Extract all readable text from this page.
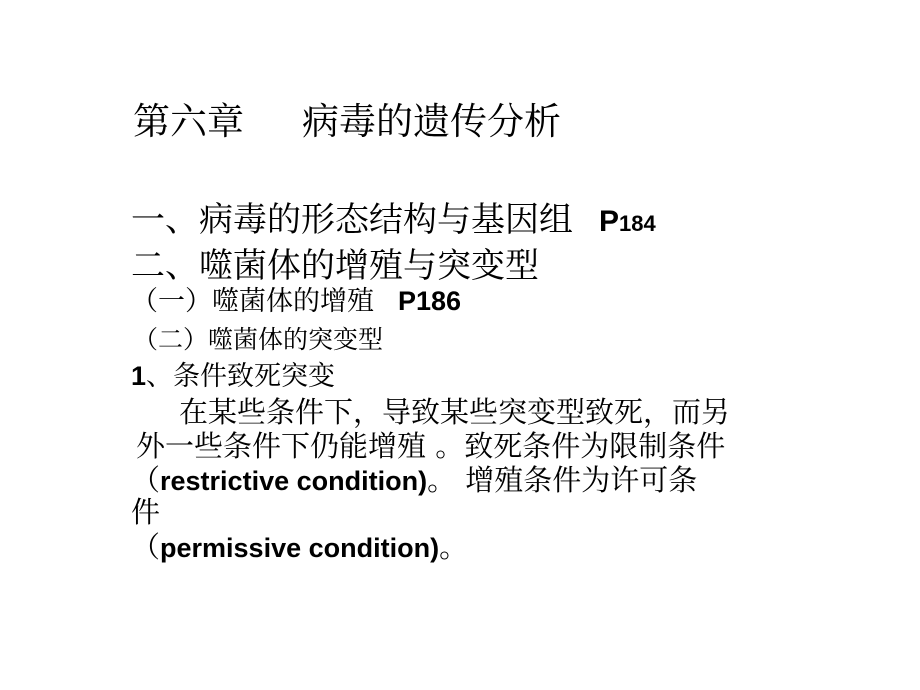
第六章 病毒的遗传分析
一、病毒的形态结构与基因组 P184
二、噬菌体的增殖与突变型
（一）噬菌体的增殖 P186
（二）噬菌体的突变型
1、条件致死突变
在某些条件下，导致某些突变型致死，而另
外一些条件下仍能增殖 。致死条件为限制条件
（restrictive condition)。 增殖条件为许可条
件
（permissive condition)。
